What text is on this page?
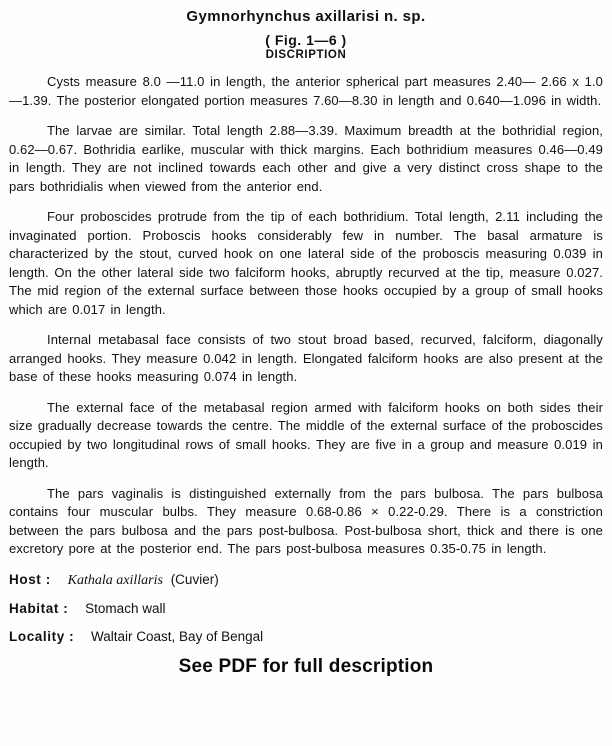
Gymnorhynchus axillarisi n. sp.
( Fig. 1—6 )
DISCRIPTION

Cysts measure 8.0 —11.0 in length, the anterior spherical part measures 2.40— 2.66 x 1.0 —1.39. The posterior elongated portion measures 7.60—8.30 in length and 0.640—1.096 in width.

The larvae are similar. Total length 2.88—3.39. Maximum breadth at the bothridial region, 0.62—0.67. Bothridia earlike, muscular with thick margins. Each bothridium measures 0.46—0.49 in length. They are not inclined towards each other and give a very distinct cross shape to the pars bothridialis when viewed from the anterior end.

Four proboscides protrude from the tip of each bothridium. Total length, 2.11 including the invaginated portion. Proboscis hooks considerably few in number. The basal armature is characterized by the stout, curved hook on one lateral side of the proboscis measuring 0.039 in length. On the other lateral side two falciform hooks, abruptly recurved at the tip, measure 0.027. The mid region of the external surface between those hooks occupied by a group of small hooks which are 0.017 in length.

Internal metabasal face consists of two stout broad based, recurved, falciform, diagonally arranged hooks. They measure 0.042 in length. Elongated falciform hooks are also present at the base of these hooks measuring 0.074 in length.

The external face of the metabasal region armed with falciform hooks on both sides their size gradually decrease towards the centre. The middle of the external surface of the proboscides occupied by two longitudinal rows of small hooks. They are five in a group and measure 0.019 in length.

The pars vaginalis is distinguished externally from the pars bulbosa. The pars bulbosa contains four muscular bulbs. They measure 0.68-0.86 × 0.22-0.29. There is a constriction between the pars bulbosa and the pars post-bulbosa. Post-bulbosa short, thick and there is one excretory pore at the posterior end. The pars post-bulbosa measures 0.35-0.75 in length.

Host : Kathala axillaris (Cuvier)
Habitat : Stomach wall
Locality : Waltair Coast, Bay of Bengal
See PDF for full description
